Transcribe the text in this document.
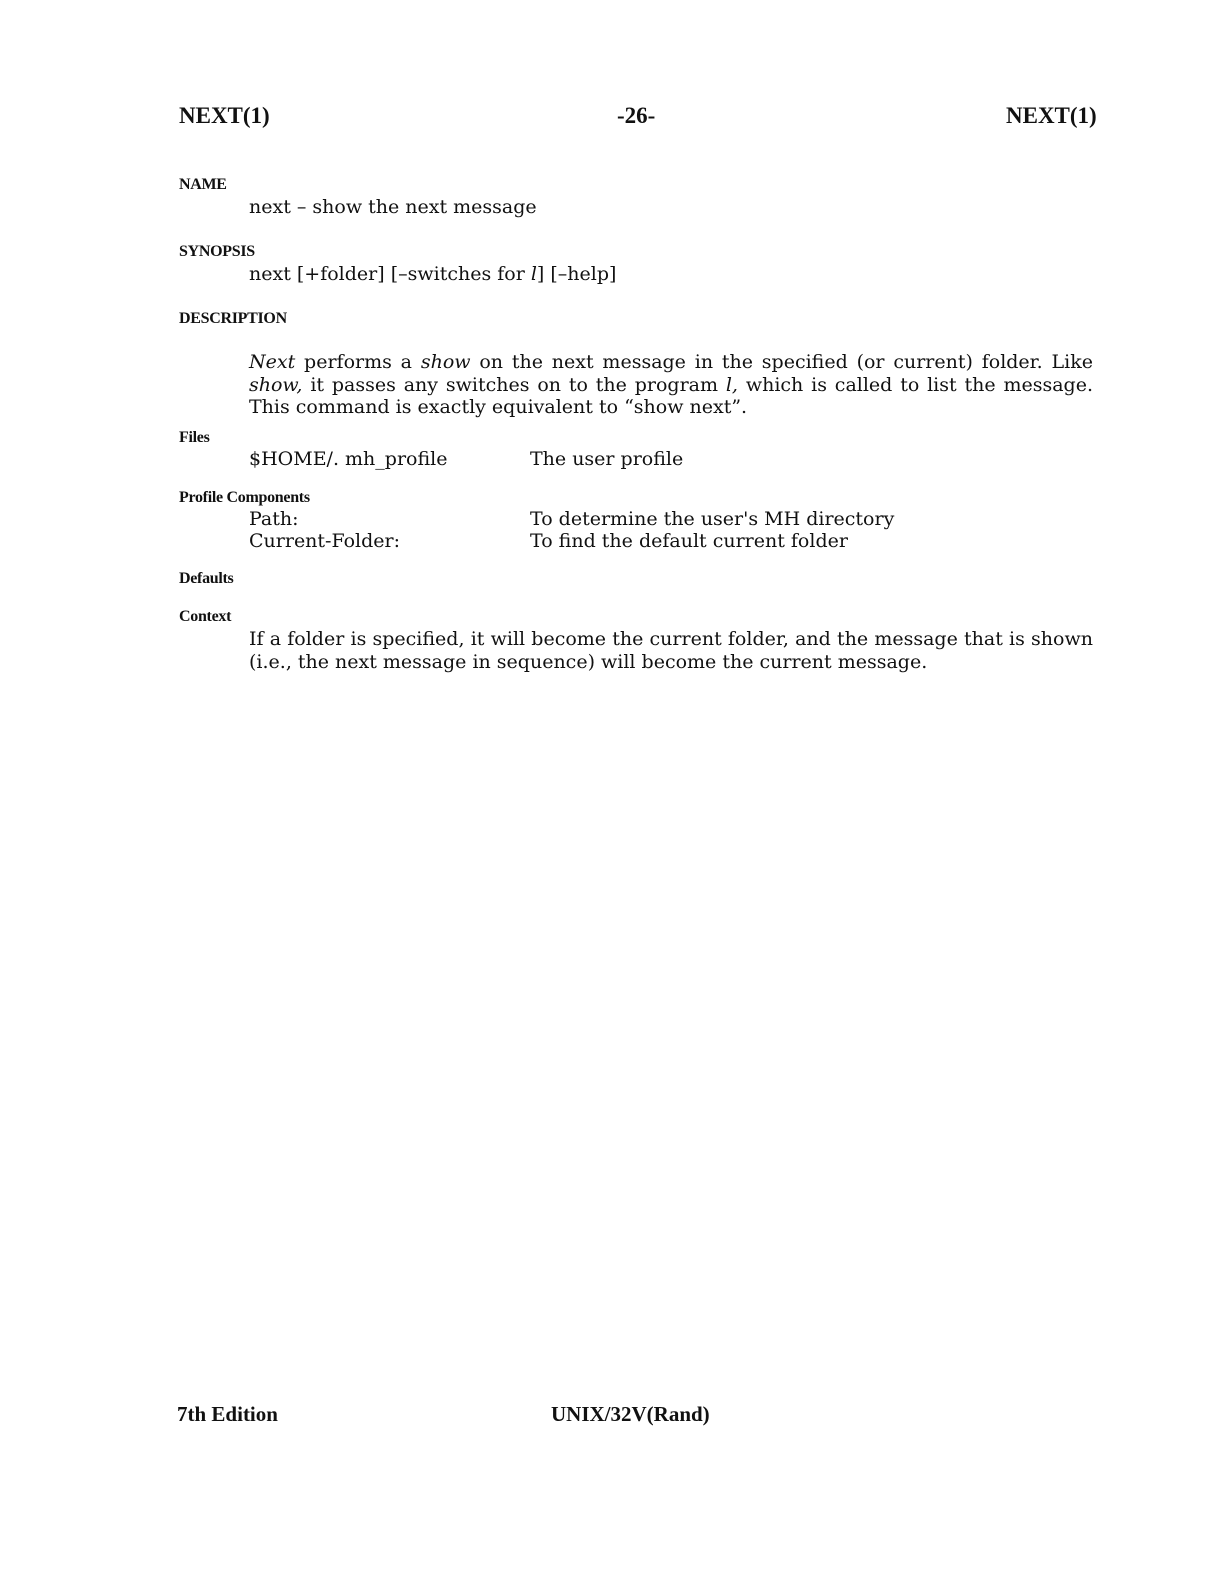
NEXT(1)	-26-	NEXT(1)
NAME
next – show the next message
SYNOPSIS
next [+folder] [–switches for l] [–help]
DESCRIPTION

Next performs a show on the next message in the specified (or current) folder. Like show, it passes any switches on to the program l, which is called to list the message. This command is exactly equivalent to “show next”.

Files
$HOME/. mh_profile	The user profile
Profile Components
Path:	To determine the user's MH directory
Current-Folder:	To find the default current folder
Defaults
Context

If a folder is specified, it will become the current folder, and the message that is shown (i.e., the next message in sequence) will become the current message.

7th Edition	UNIX/32V(Rand)
